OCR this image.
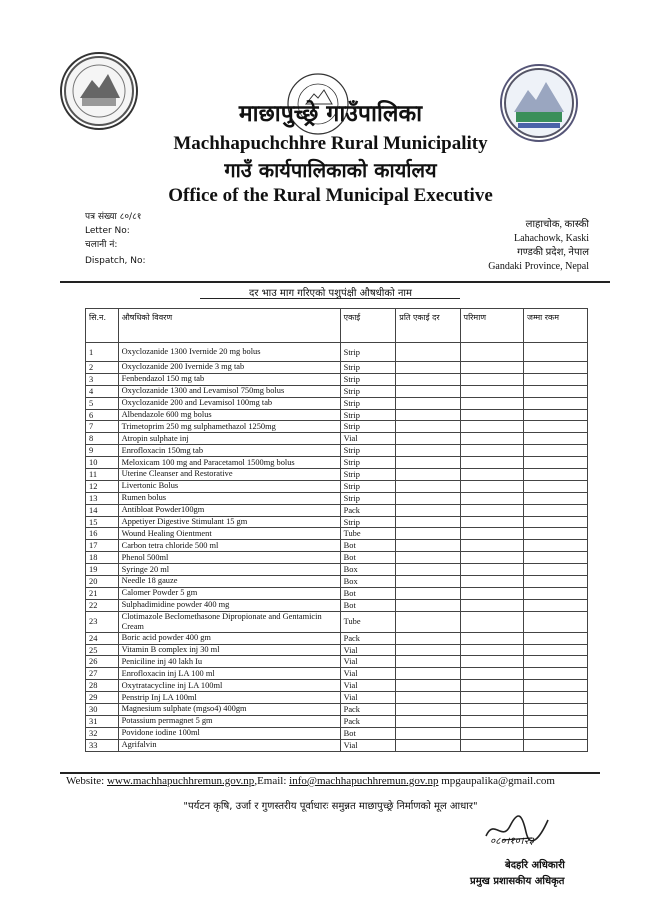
माछापुच्छ्रे गाउँपालिका
Machhapuchchhre Rural Municipality
गाउँ कार्यपालिकाको कार्यालय
Office of the Rural Municipal Executive
पत्र संख्या ८०/८१
Letter No:
चलानी नं:
Dispatch, No:
लाहाचोक, कास्की
Lahachowk, Kaski
गण्डकी प्रदेश, नेपाल
Gandaki Province, Nepal
दर भाउ माग गरिएको पशुपंक्षी औषधीको नाम
सि.न.	औषधिको विवरण	एकाई	प्रति एकाई दर	परिमाण	जम्मा रकम
1	Oxyclozanide 1300 Ivernide 20 mg bolus	Strip			
2	Oxyclozanide 200 Ivernide 3 mg tab	Strip			
3	Fenbendazol 150 mg tab	Strip			
4	Oxyclozanide 1300 and Levamisol 750mg bolus	Strip			
5	Oxyclozanide 200 and Levamisol 100mg tab	Strip			
6	Albendazole 600 mg bolus	Strip			
7	Trimetoprim 250 mg sulphamethazol 1250mg	Strip			
8	Atropin sulphate inj	Vial			
9	Enrofloxacin 150mg tab	Strip			
10	Meloxicam 100 mg and Paracetamol 1500mg bolus	Strip			
11	Uterine Cleanser and Restorative	Strip			
12	Livertonic Bolus	Strip			
13	Rumen bolus	Strip			
14	Antibloat Powder100gm	Pack			
15	Appetiyer Digestive Stimulant 15 gm	Strip			
16	Wound Healing Oientment	Tube			
17	Carbon tetra chloride 500 ml	Bot			
18	Phenol 500ml	Bot			
19	Syringe 20 ml	Box			
20	Needle 18 gauze	Box			
21	Calomer Powder 5 gm	Bot			
22	Sulphadimidine powder 400 mg	Bot			
23	Clotimazole Beclomethasone Dipropionate and Gentamicin Cream	Tube			
24	Boric acid powder 400 gm	Pack			
25	Vitamin B complex inj 30 ml	Vial			
26	Peniciline inj 40 lakh Iu	Vial			
27	Enrofloxacin inj LA 100 ml	Vial			
28	Oxytratacycline inj LA 100ml	Vial			
29	Penstrip Inj LA 100ml	Vial			
30	Magnesium sulphate (mgso4) 400gm	Pack			
31	Potassium permagnet 5 gm	Pack			
32	Povidone iodine 100ml	Bot			
33	Agrifalvin	Vial			
Website: www.machhapuchhremun.gov.np,Email: info@machhapuchhremun.gov.np mpgaupalika@gmail.com
"पर्यटन कृषि, उर्जा र गुणस्तरीय पूर्वाधारः समुन्नत माछापुच्छ्रे निर्माणको मूल आधार"
०८०।१०।२३
बेदहरि अधिकारी
प्रमुख प्रशासकीय अधिकृत
